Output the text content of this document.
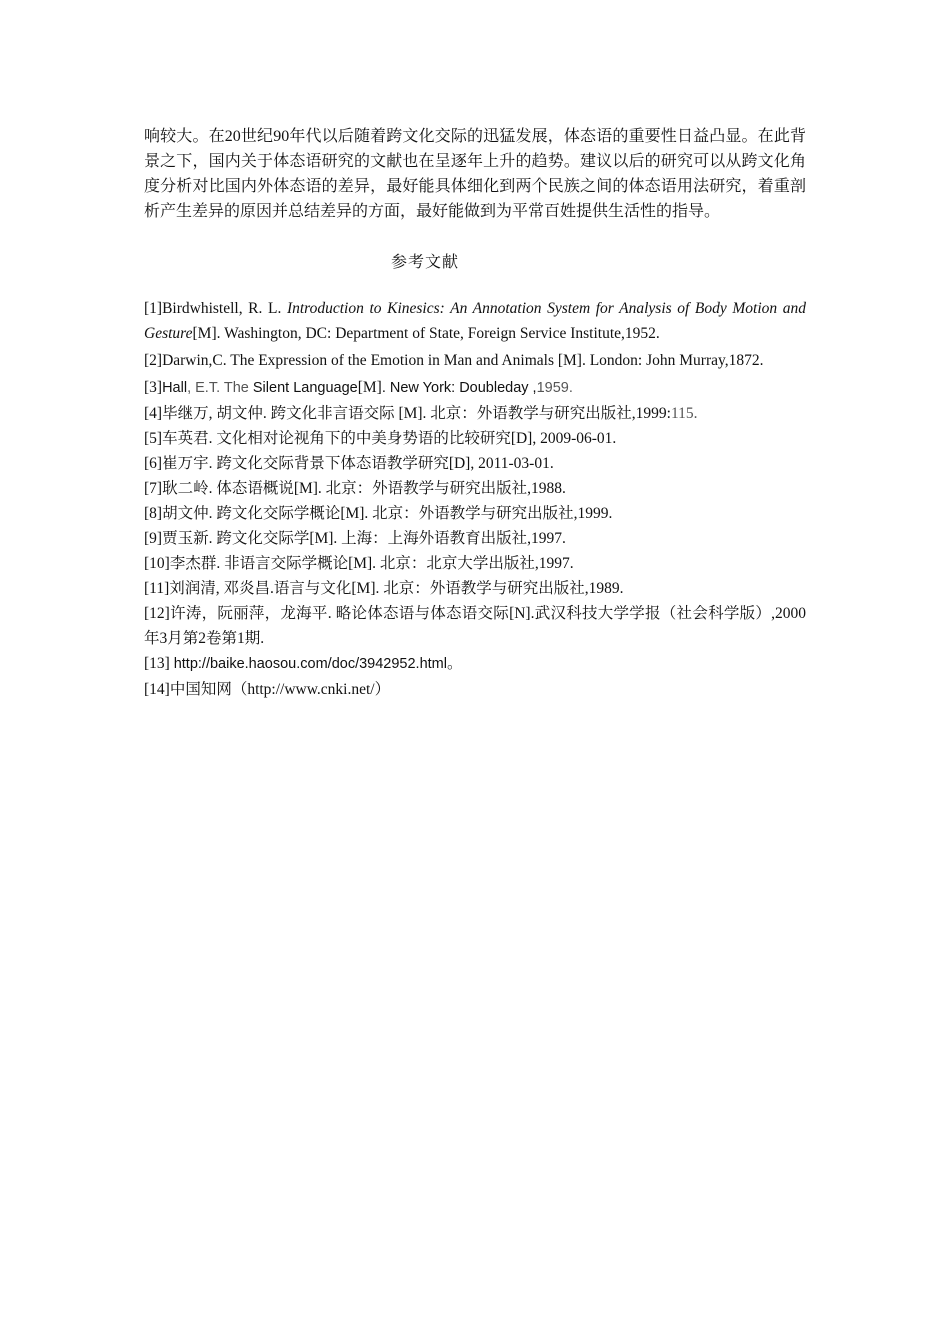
响较大。在20世纪90年代以后随着跨文化交际的迅猛发展，体态语的重要性日益凸显。在此背景之下，国内关于体态语研究的文献也在呈逐年上升的趋势。建议以后的研究可以从跨文化角度分析对比国内外体态语的差异，最好能具体细化到两个民族之间的体态语用法研究，着重剖析产生差异的原因并总结差异的方面，最好能做到为平常百姓提供生活性的指导。

参考文献

[1]Birdwhistell, R. L. Introduction to Kinesics: An Annotation System for Analysis of Body Motion and Gesture[M]. Washington, DC: Department of State, Foreign Service Institute,1952.

[2]Darwin,C. The Expression of the Emotion in Man and Animals [M]. London: John Murray,1872.

[3]Hall, E.T. The Silent Language[M]. New York: Doubleday ,1959.

[4]毕继万, 胡文仲. 跨文化非言语交际 [M]. 北京：外语教学与研究出版社,1999:115.

[5]车英君. 文化相对论视角下的中美身势语的比较研究[D], 2009-06-01.

[6]崔万宇. 跨文化交际背景下体态语教学研究[D], 2011-03-01.

[7]耿二岭. 体态语概说[M]. 北京：外语教学与研究出版社,1988.

[8]胡文仲. 跨文化交际学概论[M]. 北京：外语教学与研究出版社,1999.

[9]贾玉新. 跨文化交际学[M]. 上海：上海外语教育出版社,1997.

[10]李杰群. 非语言交际学概论[M]. 北京：北京大学出版社,1997.

[11]刘润清, 邓炎昌.语言与文化[M]. 北京：外语教学与研究出版社,1989.

[12]许涛，阮丽萍，龙海平. 略论体态语与体态语交际[N].武汉科技大学学报（社会科学版）,2000年3月第2卷第1期.

[13] http://baike.haosou.com/doc/3942952.html。

[14]中国知网（http://www.cnki.net/）
